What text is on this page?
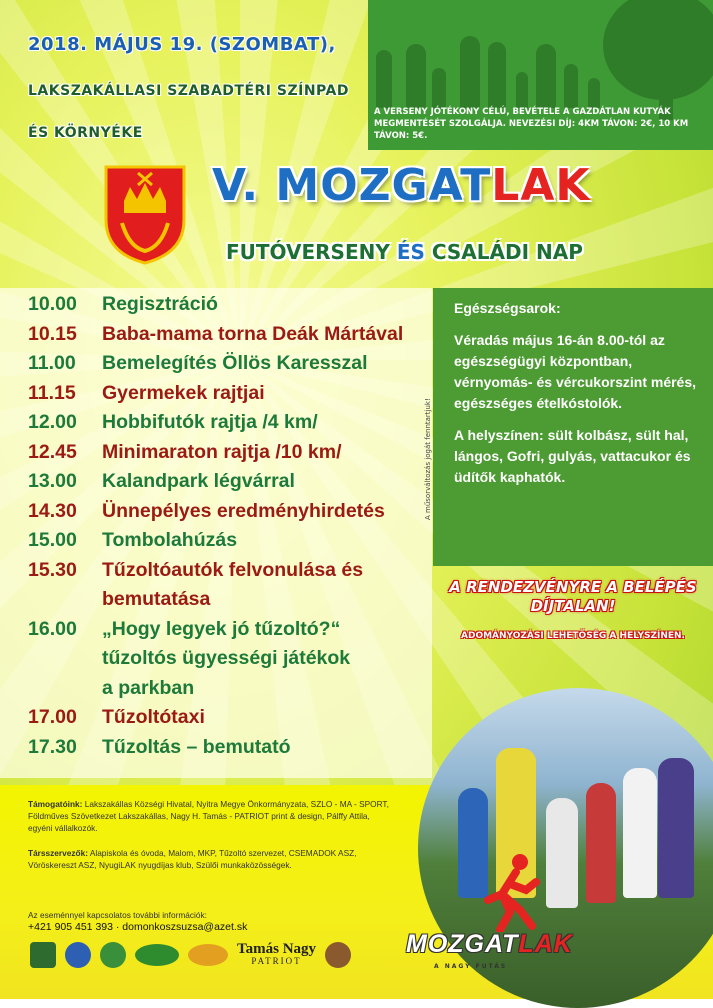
2018. MÁJUS 19. (SZOMBAT),
LAKSZAKÁLLASI SZABADTÉRI SZÍNPAD
ÉS KÖRNYÉKE
A VERSENY JÓTÉKONY CÉLÚ, BEVÉTELE A GAZDÁTLAN KUTYÁK MEGMENTÉSÉT SZOLGÁLJA. NEVEZÉSI DÍJ: 4KM TÁVON: 2€, 10 KM TÁVON: 5€.
V. MOZGATLAK
FUTÓVERSENY ÉS CSALÁDI NAP
10.00	Regisztráció
10.15	Baba-mama torna Deák Mártával
11.00	Bemelegítés Öllös Karesszal
11.15	Gyermekek rajtjai
12.00	Hobbifutók rajtja /4 km/
12.45	Minimaraton rajtja /10 km/
13.00	Kalandpark légvárral
14.30	Ünnepélyes eredményhirdetés
15.00	Tombolahúzás
15.30	Tűzoltóautók felvonulása és
bemutatása
16.00	„Hogy legyek jó tűzoltó?“
tűzoltós ügyességi játékok
a parkban
17.00	Tűzoltótaxi
17.30	Tűzoltás – bemutató
A műsorváltozás jogát fenntartjuk!

Egészségsarok:

Véradás május 16-án 8.00-tól az egészségügyi központban, vérnyomás- és vércukorszint mérés, egészséges ételkóstolók.

A helyszínen: sült kolbász, sült hal, lángos, Gofri, gulyás, vattacukor és üdítők kaphatók.

A RENDEZVÉNYRE A BELÉPÉS DÍJTALAN!
ADOMÁNYOZÁSI LEHETŐSÉG A HELYSZÍNEN.
MOZGATLAK
A NAGY FUTÁS

Támogatóink: Lakszakállas Községi Hivatal, Nyitra Megye Önkormányzata, SZLO - MA - SPORT, Földműves Szövetkezet Lakszakállas, Nagy H. Tamás - PATRIOT print & design, Pálffy Attila, egyéni vállalkozók.

Társszervezők: Alapiskola és óvoda, Malom, MKP, Tűzoltó szervezet, CSEMADOK ASZ, Vöröskereszt ASZ, NyugiLAK nyugdíjas klub, Szülői munkaközösségek.

Az eseménnyel kapcsolatos további információk:
+421 905 451 393 · domonkoszsuzsa@azet.sk
Tamás Nagy
PATRIOT
